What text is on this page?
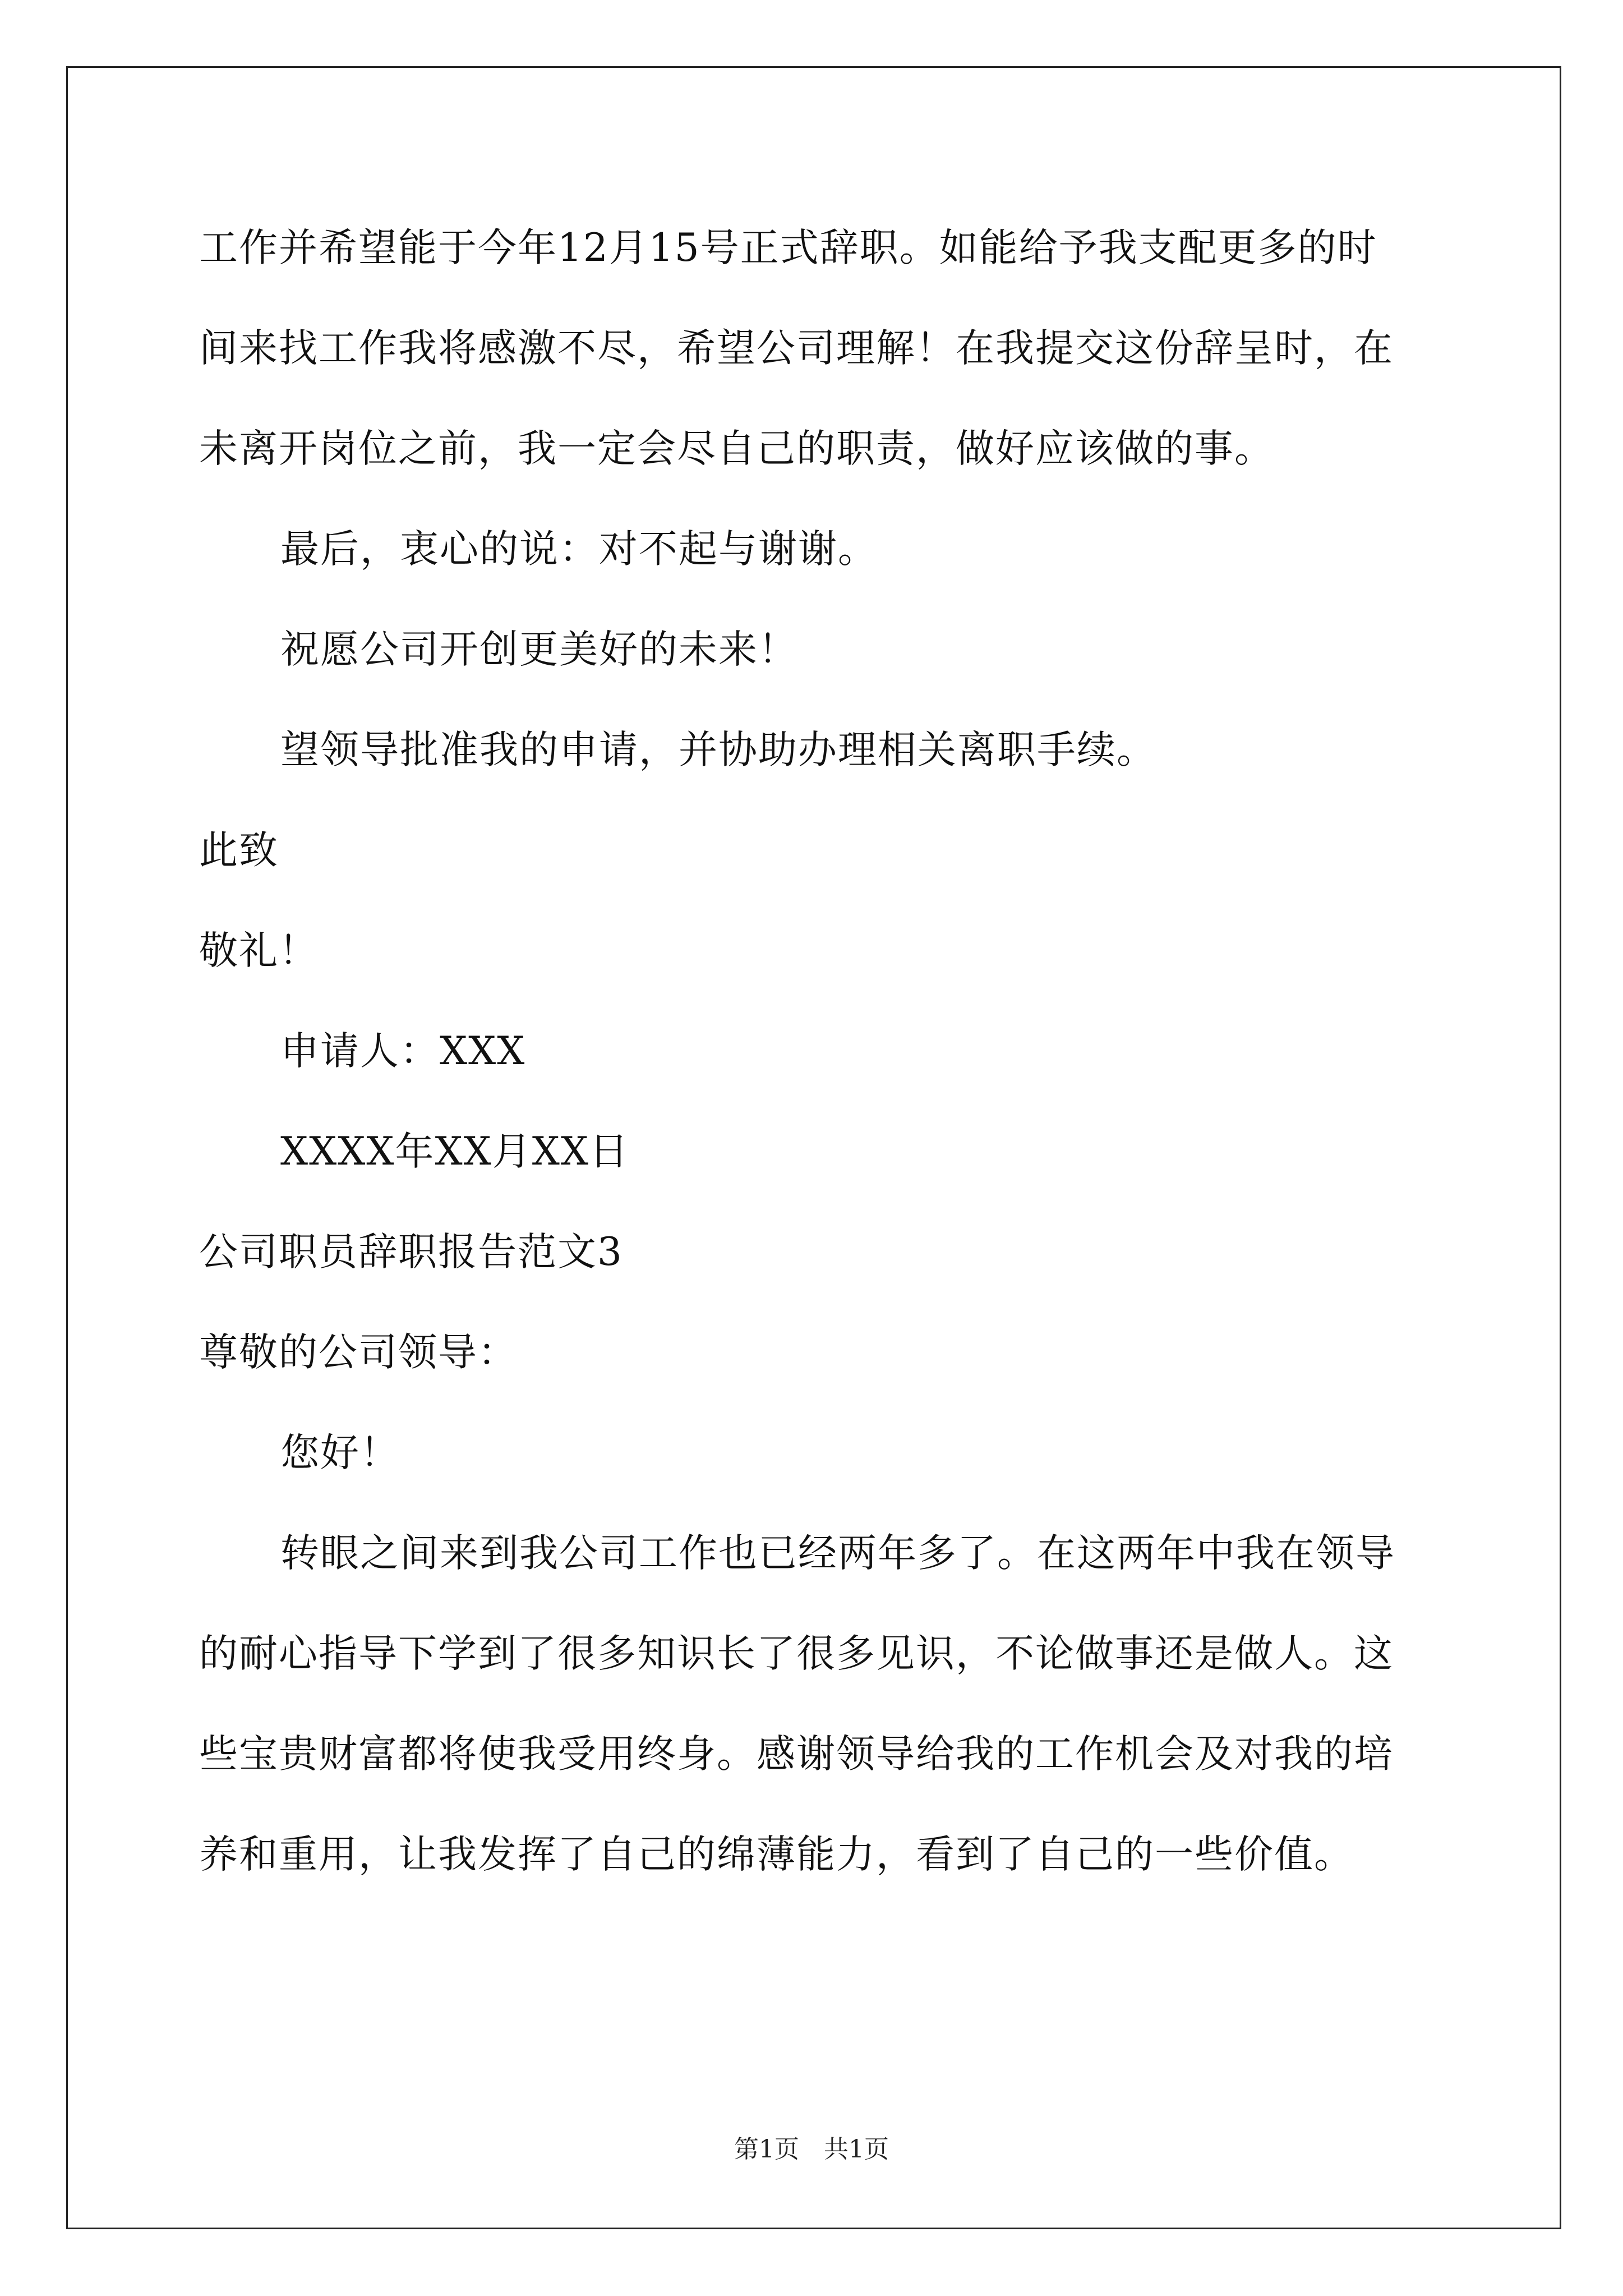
工作并希望能于今年12月15号正式辞职。如能给予我支配更多的时
间来找工作我将感激不尽，希望公司理解！在我提交这份辞呈时，在
未离开岗位之前，我一定会尽自己的职责，做好应该做的事。
最后，衷心的说：对不起与谢谢。
祝愿公司开创更美好的未来！
望领导批准我的申请，并协助办理相关离职手续。
此致
敬礼！
申请人：XXX
XXXX年XX月XX日
公司职员辞职报告范文3
尊敬的公司领导：
您好！
转眼之间来到我公司工作也已经两年多了。在这两年中我在领导
的耐心指导下学到了很多知识长了很多见识，不论做事还是做人。这
些宝贵财富都将使我受用终身。感谢领导给我的工作机会及对我的培
养和重用，让我发挥了自己的绵薄能力，看到了自己的一些价值。
第1页　共1页
